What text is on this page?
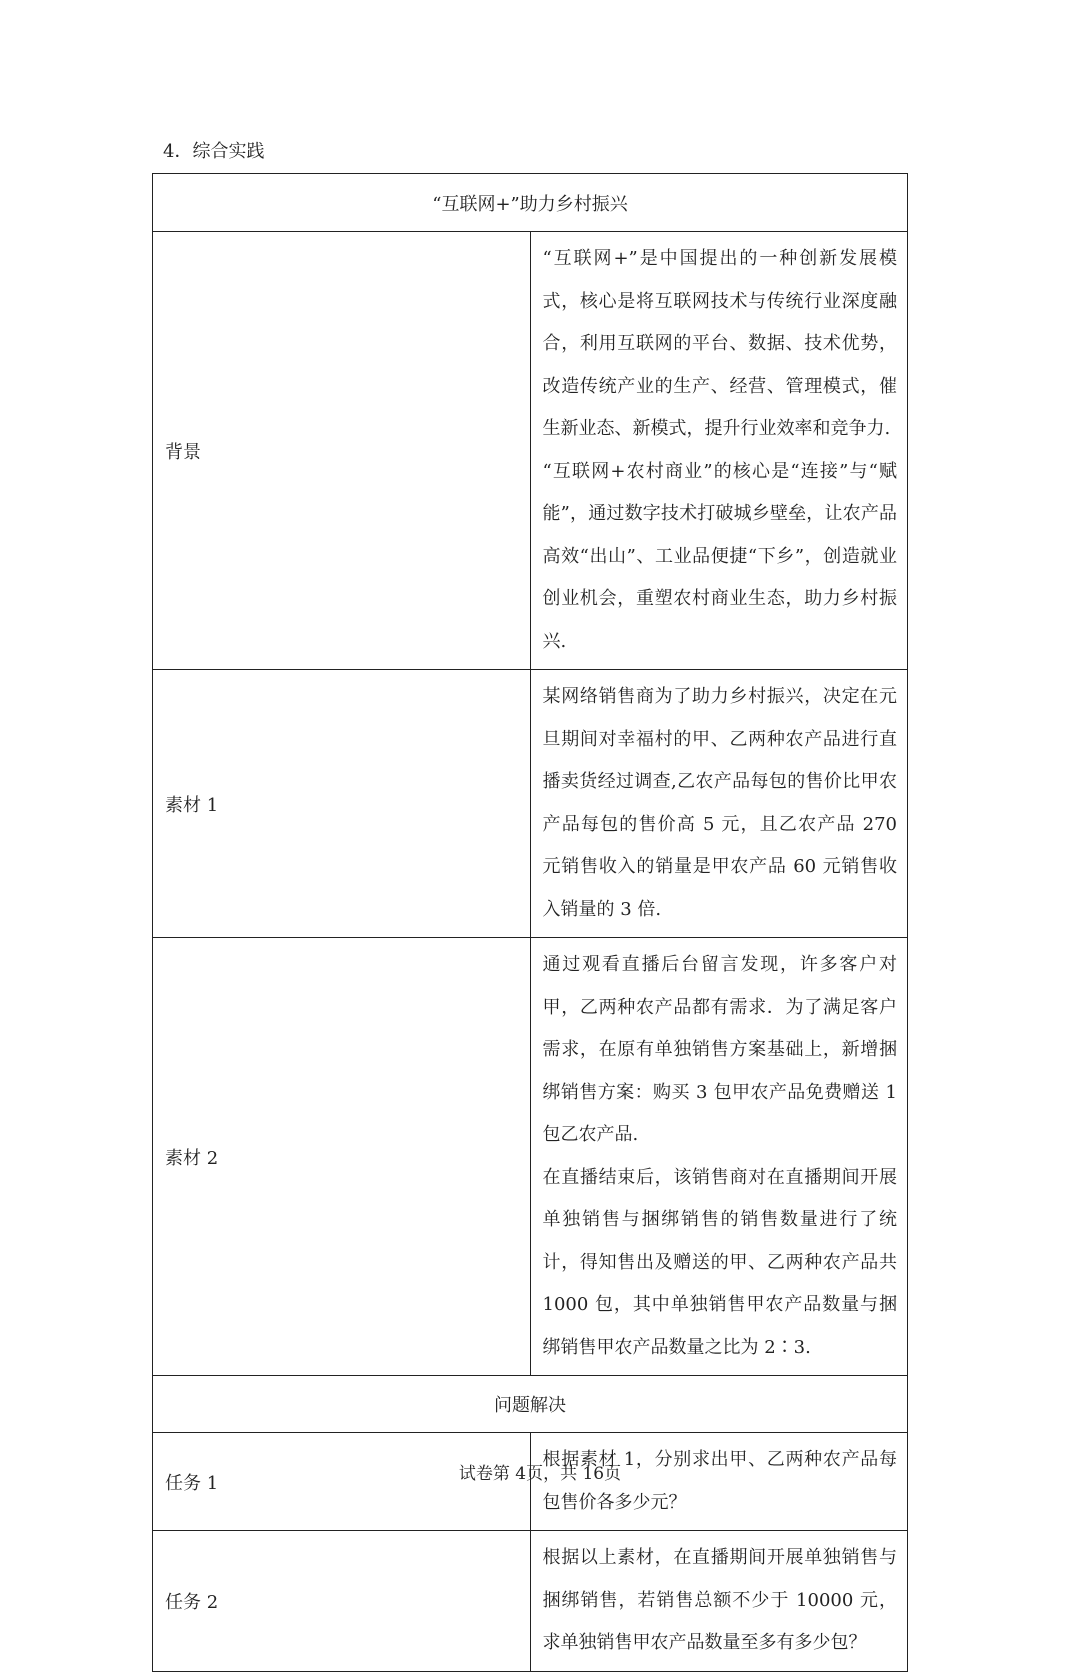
4．综合实践
“互联网+”助力乡村振兴	
背景	“互联网+”是中国提出的一种创新发展模式，核心是将互联网技术与传统行业深度融合，利用互联网的平台、数据、技术优势，改造传统产业的生产、经营、管理模式，催生新业态、新模式，提升行业效率和竞争力.

“互联网+农村商业”的核心是“连接”与“赋能”，通过数字技术打破城乡壁垒，让农产品高效“出山”、工业品便捷“下乡”，创造就业创业机会，重塑农村商业生态，助力乡村振兴.

素材 1	某网络销售商为了助力乡村振兴，决定在元旦期间对幸福村的甲、乙两种农产品进行直播卖货经过调查,乙农产品每包的售价比甲农产品每包的售价高 5 元，且乙农产品 270 元销售收入的销量是甲农产品 60 元销售收入销量的 3 倍.

素材 2	通过观看直播后台留言发现，许多客户对甲，乙两种农产品都有需求．为了满足客户需求，在原有单独销售方案基础上，新增捆绑销售方案：购买 3 包甲农产品免费赠送 1 包乙农产品.

在直播结束后，该销售商对在直播期间开展单独销售与捆绑销售的销售数量进行了统计，得知售出及赠送的甲、乙两种农产品共 1000 包，其中单独销售甲农产品数量与捆绑销售甲农产品数量之比为 2∶3.

问题解决	
任务 1	根据素材 1，分别求出甲、乙两种农产品每包售价各多少元？

任务 2	根据以上素材，在直播期间开展单独销售与捆绑销售，若销售总额不少于 10000 元，求单独销售甲农产品数量至多有多少包？

试卷第 4页，共 16页
